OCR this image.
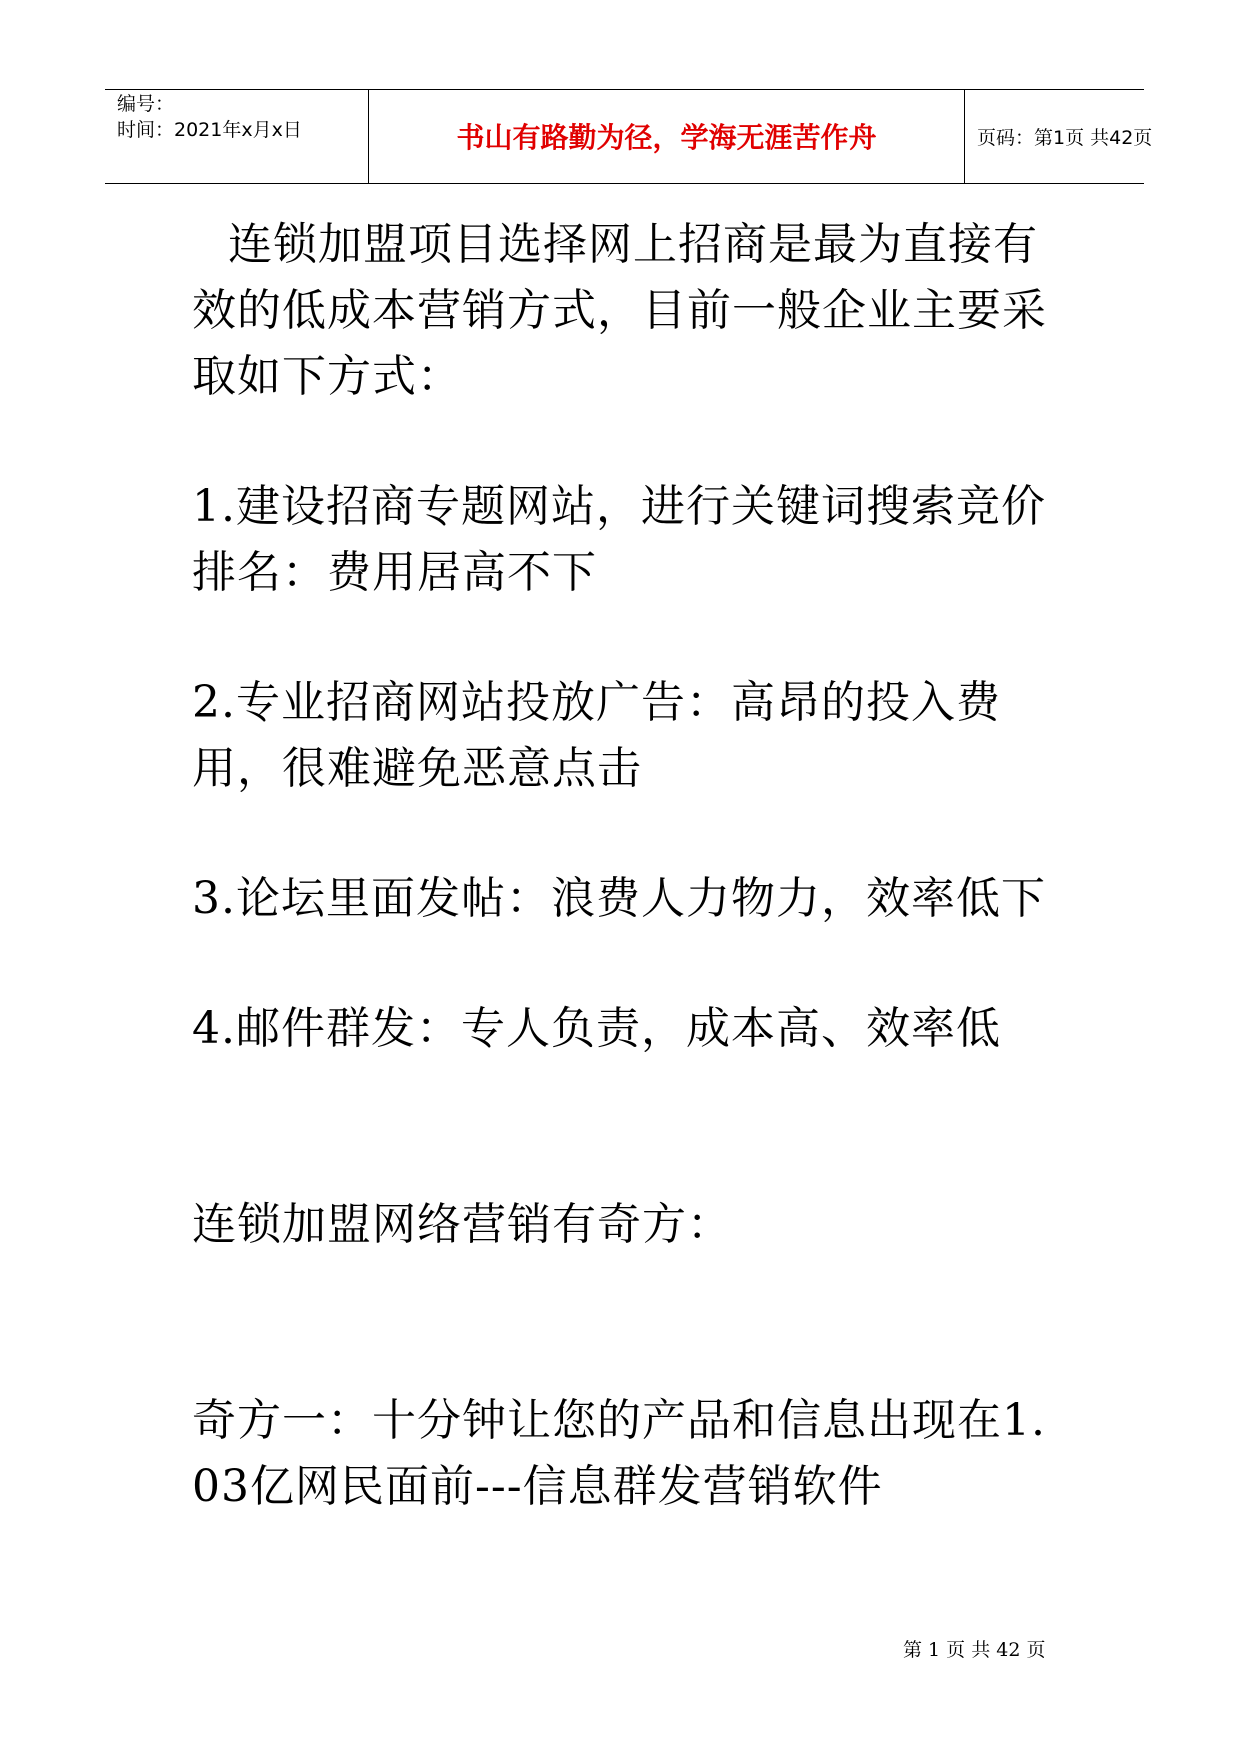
编号：
时间：2021年x月x日	书山有路勤为径，学海无涯苦作舟	页码：第1页 共42页

连锁加盟项目选择网上招商是最为直接有效的低成本营销方式，目前一般企业主要采取如下方式：

1.建设招商专题网站，进行关键词搜索竞价排名：费用居高不下

2.专业招商网站投放广告：高昂的投入费用，很难避免恶意点击

3.论坛里面发帖：浪费人力物力，效率低下

4.邮件群发：专人负责，成本高、效率低

连锁加盟网络营销有奇方：

奇方一：十分钟让您的产品和信息出现在1.03亿网民面前---信息群发营销软件

第 1 页 共 42 页
